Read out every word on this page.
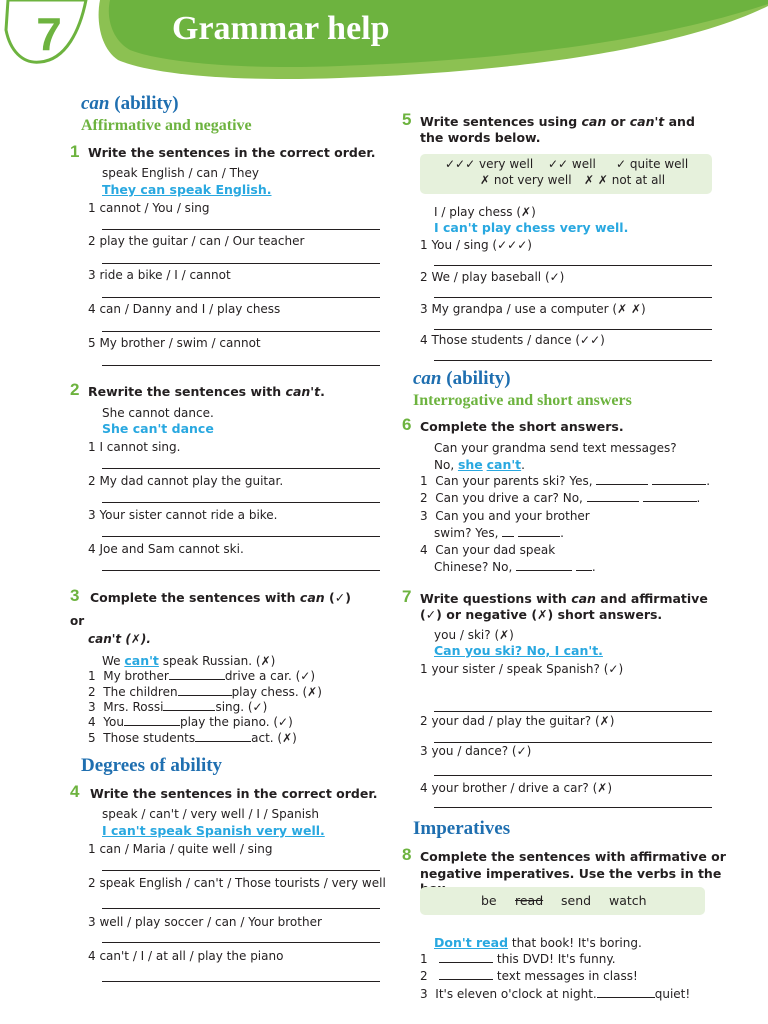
7	Grammar help
can (ability)
Affirmative and negative
1 Write the sentences in the correct order.
speak English / can / They
They can speak English.
1 cannot / You / sing
2 play the guitar / can / Our teacher
3 ride a bike / I / cannot
4 can / Danny and I / play chess
5 My brother / swim / cannot
2 Rewrite the sentences with can't.
She cannot dance.
She can't dance
1 I cannot sing.
2 My dad cannot play the guitar.
3 Your sister cannot ride a bike.
4 Joe and Sam cannot ski.
3 Complete the sentences with can (✓)
or
can't (✗).
We can't speak Russian. (✗)
1 My brother	drive a car. (✓)
2 The children	play chess. (✗)
3 Mrs. Rossi	sing. (✓)
4 You	play the piano. (✓)
5 Those students	act. (✗)
Degrees of ability
4 Write the sentences in the correct order.
speak / can't / very well / I / Spanish
I can't speak Spanish very well.
1 can / Maria / quite well / sing
2 speak English / can't / Those tourists / very well
3 well / play soccer / can / Your brother
4 can't / I / at all / play the piano
5 Write sentences using can or can't and
the words below.
✓✓✓ very well ✓✓ well ✓ quite well
✗ not very well ✗ ✗ not at all
I / play chess (✗)
I can't play chess very well.
1 You / sing (✓✓✓)
2 We / play baseball (✓)
3 My grandpa / use a computer (✗ ✗)
4 Those students / dance (✓✓)
can (ability)
Interrogative and short answers
6 Complete the short answers.
Can your grandma send text messages?
No, she can't.
1 Can your parents ski? Yes,	.
2 Can you drive a car? No,	.
3 Can you and your brother
swim? Yes,	.
4 Can your dad speak
Chinese? No,	.
7 Write questions with can and affirmative
(✓) or negative (✗) short answers.
you / ski? (✗)
Can you ski? No, I can't.
1 your sister / speak Spanish? (✓)
2 your dad / play the guitar? (✗)
3 you / dance? (✓)
4 your brother / drive a car? (✗)
Imperatives
8 Complete the sentences with affirmative or
negative imperatives. Use the verbs in the
be read send watch
Don't read that book! It's boring.
1	this DVD! It's funny.
2	text messages in class!
3 It's eleven o'clock at night.	quiet!
